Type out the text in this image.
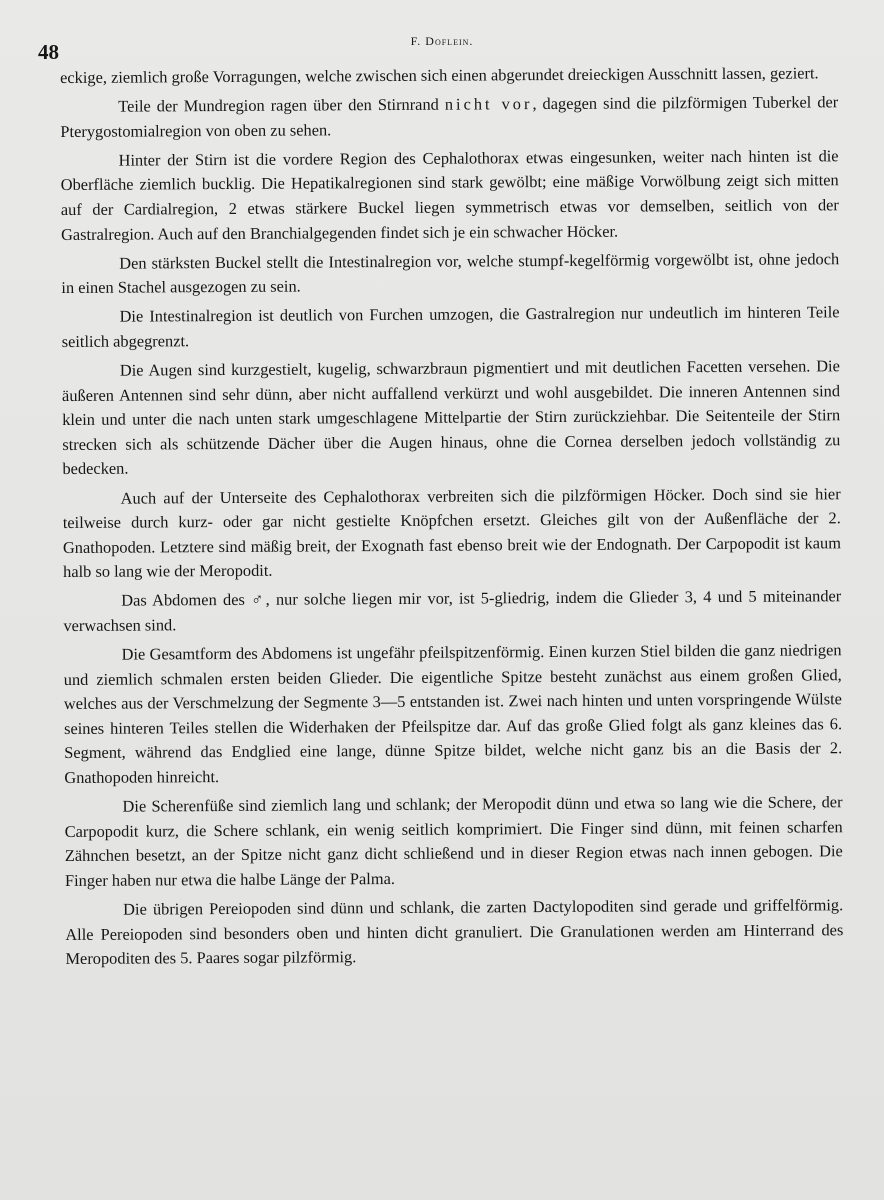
48	F. Doflein.

eckige, ziemlich große Vorragungen, welche zwischen sich einen abgerundet dreieckigen Ausschnitt lassen, geziert.

Teile der Mundregion ragen über den Stirnrand nicht vor, dagegen sind die pilzförmigen Tuberkel der Pterygostomialregion von oben zu sehen.

Hinter der Stirn ist die vordere Region des Cephalothorax etwas eingesunken, weiter nach hinten ist die Oberfläche ziemlich bucklig. Die Hepatikalregionen sind stark gewölbt; eine mäßige Vorwölbung zeigt sich mitten auf der Cardialregion, 2 etwas stärkere Buckel liegen symmetrisch etwas vor demselben, seitlich von der Gastralregion. Auch auf den Branchialgegenden findet sich je ein schwacher Höcker.

Den stärksten Buckel stellt die Intestinalregion vor, welche stumpf-kegelförmig vorgewölbt ist, ohne jedoch in einen Stachel ausgezogen zu sein.

Die Intestinalregion ist deutlich von Furchen umzogen, die Gastralregion nur undeutlich im hinteren Teile seitlich abgegrenzt.

Die Augen sind kurzgestielt, kugelig, schwarzbraun pigmentiert und mit deutlichen Facetten versehen. Die äußeren Antennen sind sehr dünn, aber nicht auffallend verkürzt und wohl ausgebildet. Die inneren Antennen sind klein und unter die nach unten stark umgeschlagene Mittelpartie der Stirn zurückziehbar. Die Seitenteile der Stirn strecken sich als schützende Dächer über die Augen hinaus, ohne die Cornea derselben jedoch vollständig zu bedecken.

Auch auf der Unterseite des Cephalothorax verbreiten sich die pilzförmigen Höcker. Doch sind sie hier teilweise durch kurz- oder gar nicht gestielte Knöpfchen ersetzt. Gleiches gilt von der Außenfläche der 2. Gnathopoden. Letztere sind mäßig breit, der Exognath fast ebenso breit wie der Endognath. Der Carpopodit ist kaum halb so lang wie der Meropodit.

Das Abdomen des ♂, nur solche liegen mir vor, ist 5-gliedrig, indem die Glieder 3, 4 und 5 miteinander verwachsen sind.

Die Gesamtform des Abdomens ist ungefähr pfeilspitzenförmig. Einen kurzen Stiel bilden die ganz niedrigen und ziemlich schmalen ersten beiden Glieder. Die eigentliche Spitze besteht zunächst aus einem großen Glied, welches aus der Verschmelzung der Segmente 3—5 entstanden ist. Zwei nach hinten und unten vorspringende Wülste seines hinteren Teiles stellen die Widerhaken der Pfeilspitze dar. Auf das große Glied folgt als ganz kleines das 6. Segment, während das Endglied eine lange, dünne Spitze bildet, welche nicht ganz bis an die Basis der 2. Gnathopoden hinreicht.

Die Scherenfüße sind ziemlich lang und schlank; der Meropodit dünn und etwa so lang wie die Schere, der Carpopodit kurz, die Schere schlank, ein wenig seitlich komprimiert. Die Finger sind dünn, mit feinen scharfen Zähnchen besetzt, an der Spitze nicht ganz dicht schließend und in dieser Region etwas nach innen gebogen. Die Finger haben nur etwa die halbe Länge der Palma.

Die übrigen Pereiopoden sind dünn und schlank, die zarten Dactylopoditen sind gerade und griffelförmig. Alle Pereiopoden sind besonders oben und hinten dicht granuliert. Die Granulationen werden am Hinterrand des Meropoditen des 5. Paares sogar pilzförmig.
